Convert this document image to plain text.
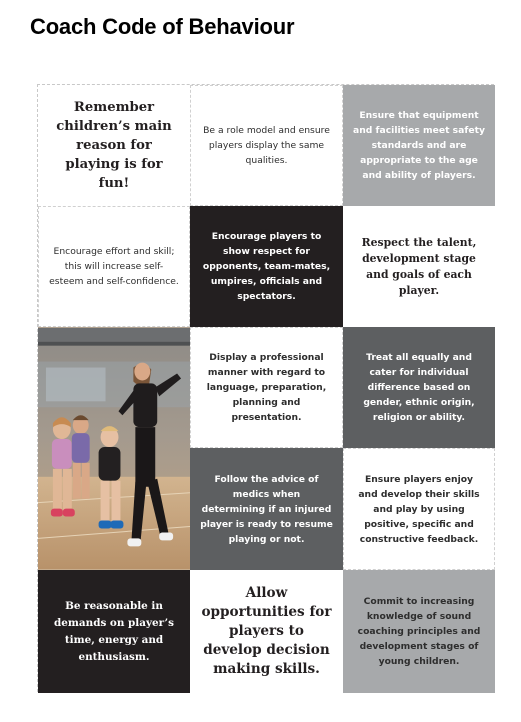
Coach Code of Behaviour
Remember children’s main reason for playing is for fun!
Be a role model and ensure players display the same qualities.
Ensure that equipment and facilities meet safety standards and are appropriate to the age and ability of players.
Encourage effort and skill; this will increase self-esteem and self-confidence.
Encourage players to show respect for opponents, team-mates, umpires, officials and spectators.
Respect the talent, development stage and goals of each player.
Display a professional manner with regard to language, preparation, planning and presentation.
Treat all equally and cater for individual difference based on gender, ethnic origin, religion or ability.
Follow the advice of medics when determining if an injured player is ready to resume playing or not.
Ensure players enjoy and develop their skills and play by using positive, specific and constructive feedback.
Be reasonable in demands on player’s time, energy and enthusiasm.
Allow opportunities for players to develop decision making skills.
Commit to increasing knowledge of sound coaching principles and development stages of young children.
